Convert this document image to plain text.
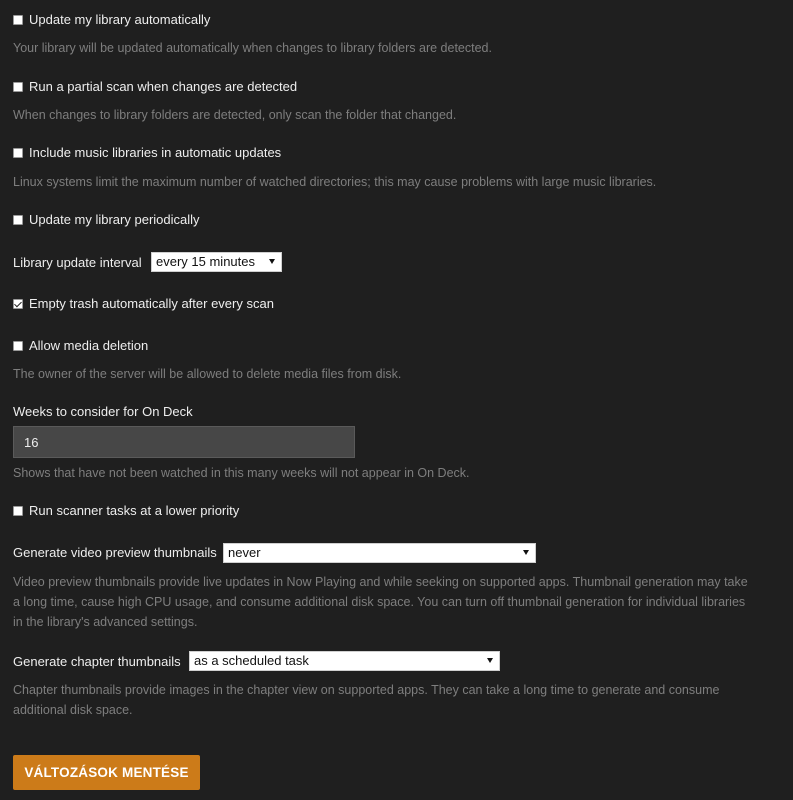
Update my library automatically
Your library will be updated automatically when changes to library folders are detected.
Run a partial scan when changes are detected
When changes to library folders are detected, only scan the folder that changed.
Include music libraries in automatic updates
Linux systems limit the maximum number of watched directories; this may cause problems with large music libraries.
Update my library periodically
Library update interval	every 15 minutes
Empty trash automatically after every scan
Allow media deletion
The owner of the server will be allowed to delete media files from disk.
Weeks to consider for On Deck
16
Shows that have not been watched in this many weeks will not appear in On Deck.
Run scanner tasks at a lower priority
Generate video preview thumbnails never
Video preview thumbnails provide live updates in Now Playing and while seeking on supported apps. Thumbnail generation may take a long time, cause high CPU usage, and consume additional disk space. You can turn off thumbnail generation for individual libraries in the library's advanced settings.
Generate chapter thumbnails	as a scheduled task
Chapter thumbnails provide images in the chapter view on supported apps. They can take a long time to generate and consume additional disk space.
VÁLTOZÁSOK MENTÉSE
